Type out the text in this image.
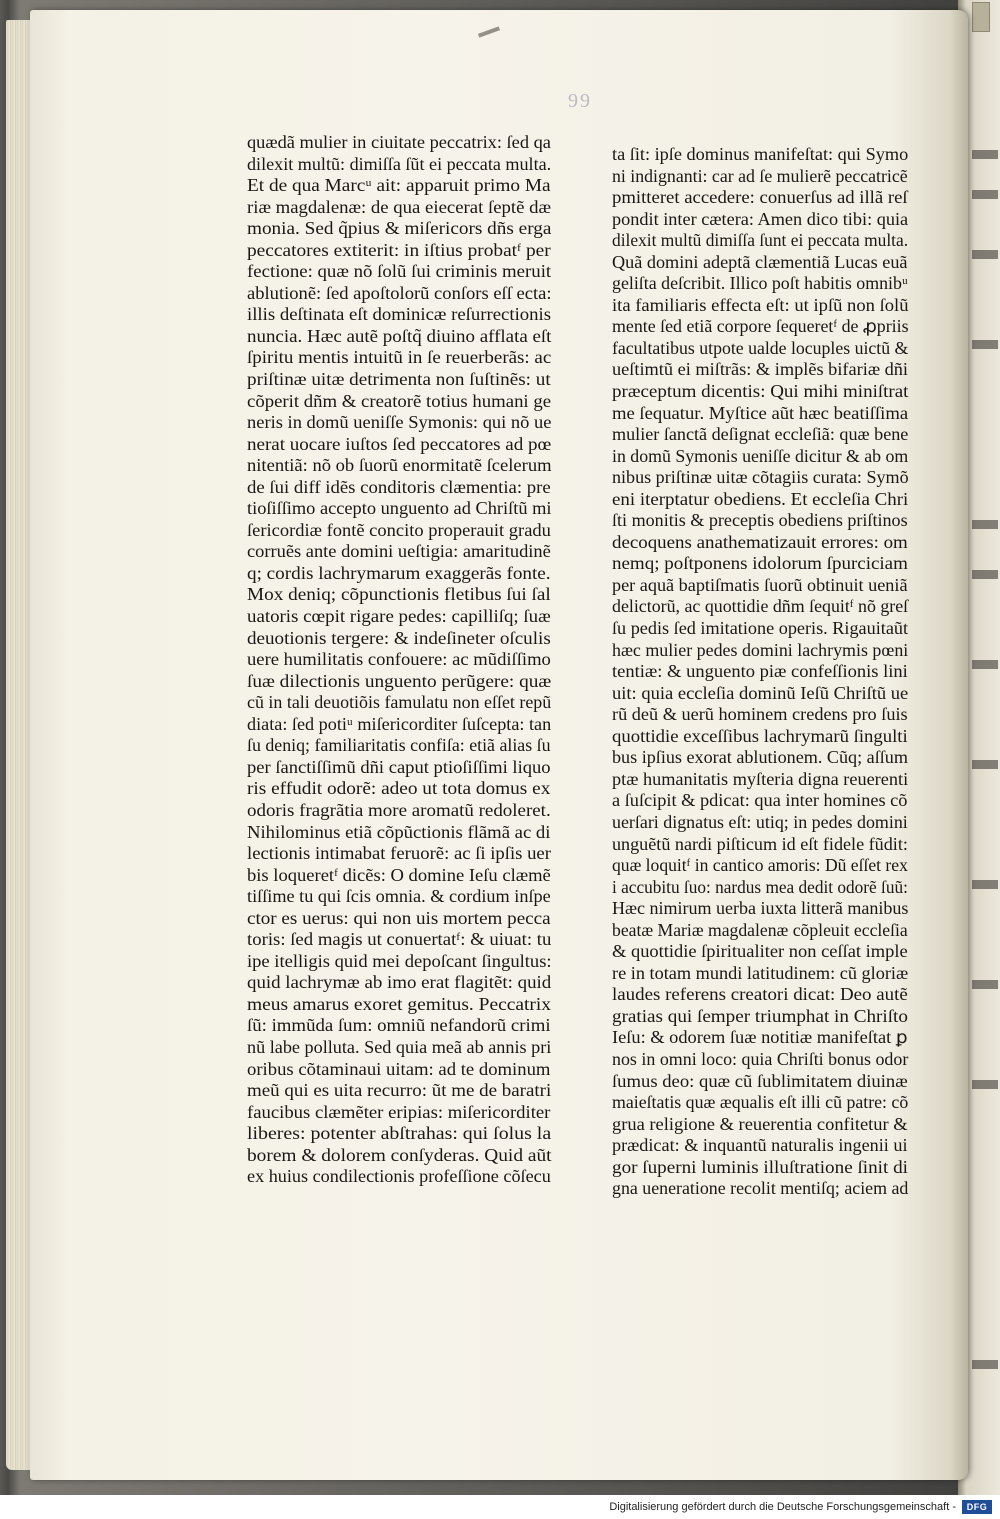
99
quædã mulier in ciuitate peccatrix: ſed qa
dilexit multũ: dimiſſa ſũt ei peccata multa.
Et de qua Marcᵘ ait: apparuit primo Ma
riæ magdalenæ: de qua eiecerat ſeptẽ dæ
monia. Sed q̃pius & miſericors dñs erga
peccatores extiterit: in iſtius probatᶠ per
fectione: quæ nõ ſolũ ſui criminis meruit
ablutionẽ: ſed apoſtolorũ conſors eſſ ecta:
illis deſtinata eſt dominicæ reſurrectionis
nuncia. Hæc autẽ poſtq̃ diuino afflata eſt
ſpiritu mentis intuitũ in ſe reuerberãs: ac
priſtinæ uitæ detrimenta non ſuſtinẽs: ut
cõperit dñm & creatorẽ totius humani ge
neris in domũ ueniſſe Symonis: qui nõ ue
nerat uocare iuſtos ſed peccatores ad pœ
nitentiã: nõ ob ſuorũ enormitatẽ ſcelerum
de ſui diff idẽs conditoris clæmentia: pre
tioſiſſimo accepto unguento ad Chriſtũ mi
ſericordiæ fontẽ concito properauit gradu
corruẽs ante domini ueſtigia: amaritudinẽ
q; cordis lachrymarum exaggerãs fonte.
Mox deniq; cõpunctionis fletibus ſui ſal
uatoris cœpit rigare pedes: capilliſq; ſuæ
deuotionis tergere: & indeſineter oſculis
uere humilitatis confouere: ac mũdiſſimo
ſuæ dilectionis unguento perũgere: quæ
cũ in tali deuotiõis famulatu non eſſet repũ
diata: ſed potiᵘ miſericorditer ſuſcepta: tan
ſu deniq; familiaritatis confiſa: etiã alias ſu
per ſanctiſſimũ dñi caput ptioſiſſimi liquo
ris effudit odorẽ: adeo ut tota domus ex
odoris fragrãtia more aromatũ redoleret.
Nihilominus etiã cõpũctionis flãmã ac di
lectionis intimabat feruorẽ: ac ſi ipſis uer
bis loqueretᶠ dicẽs: O domine Ieſu clæmẽ
tiſſime tu qui ſcis omnia. & cordium inſpe
ctor es uerus: qui non uis mortem pecca
toris: ſed magis ut conuertatᶠ: & uiuat: tu
ipe itelligis quid mei depoſcant ſingultus:
quid lachrymæ ab imo erat flagitẽt: quid
meus amarus exoret gemitus. Peccatrix
ſũ: immũda ſum: omniũ nefandorũ crimi
nũ labe polluta. Sed quia meã ab annis pri
oribus cõtaminaui uitam: ad te dominum
meũ qui es uita recurro: ũt me de baratri
faucibus clæmẽter eripias: miſericorditer
liberes: potenter abſtrahas: qui ſolus la
borem & dolorem conſyderas. Quid aũt
ex huius condilectionis profeſſione cõſecu
ta ſit: ipſe dominus manifeſtat: qui Symo
ni indignanti: car ad ſe mulierẽ peccatricẽ
pmitteret accedere: conuerſus ad illã reſ
pondit inter cætera: Amen dico tibi: quia
dilexit multũ dimiſſa ſunt ei peccata multa.
Quã domini adeptã clæmentiã Lucas euã
geliſta deſcribit. Illico poſt habitis omnibᵘ
ita familiaris effecta eſt: ut ipſũ non ſolũ
mente ſed etiã corpore ſequeretᶠ de ꝓpriis
facultatibus utpote ualde locuples uictũ &
ueſtimtũ ei miſtrãs: & implẽs bifariæ dñi
præceptum dicentis: Qui mihi miniſtrat
me ſequatur. Myſtice aũt hæc beatiſſima
mulier ſanctã deſignat eccleſiã: quæ bene
in domũ Symonis ueniſſe dicitur & ab om
nibus priſtinæ uitæ cõtagiis curata: Symõ
eni iterptatur obediens. Et eccleſia Chri
ſti monitis & preceptis obediens priſtinos
decoquens anathematizauit errores: om
nemq; poſtponens idolorum ſpurciciam
per aquã baptiſmatis ſuorũ obtinuit ueniã
delictorũ, ac quottidie dñm ſequitᶠ nõ greſ
ſu pedis ſed imitatione operis. Rigauitaũt
hæc mulier pedes domini lachrymis pœni
tentiæ: & unguento piæ confeſſionis lini
uit: quia eccleſia dominũ Ieſũ Chriſtũ ue
rũ deũ & uerũ hominem credens pro ſuis
quottidie exceſſibus lachrymarũ ſingulti
bus ipſius exorat ablutionem. Cũq; aſſum
ptæ humanitatis myſteria digna reuerenti
a ſuſcipit & pdicat: qua inter homines cõ
uerſari dignatus eſt: utiq; in pedes domini
unguẽtũ nardi piſticum id eſt fidele fũdit:
quæ loquitᶠ in cantico amoris: Dũ eſſet rex
i accubitu ſuo: nardus mea dedit odorẽ ſuũ:
Hæc nimirum uerba iuxta litterã manibus
beatæ Mariæ magdalenæ cõpleuit eccleſia
& quottidie ſpiritualiter non ceſſat imple
re in totam mundi latitudinem: cũ gloriæ
laudes referens creatori dicat: Deo autẽ
gratias qui ſemper triumphat in Chriſto
Ieſu: & odorem ſuæ notitiæ manifeſtat ꝑ
nos in omni loco: quia Chriſti bonus odor
ſumus deo: quæ cũ ſublimitatem diuinæ
maieſtatis quæ æqualis eſt illi cũ patre: cõ
grua religione & reuerentia confitetur &
prædicat: & inquantũ naturalis ingenii ui
gor ſuperni luminis illuſtratione ſinit di
gna ueneratione recolit mentiſq; aciem ad
Digitalisierung gefördert durch die Deutsche Forschungsgemeinschaft -	DFG
